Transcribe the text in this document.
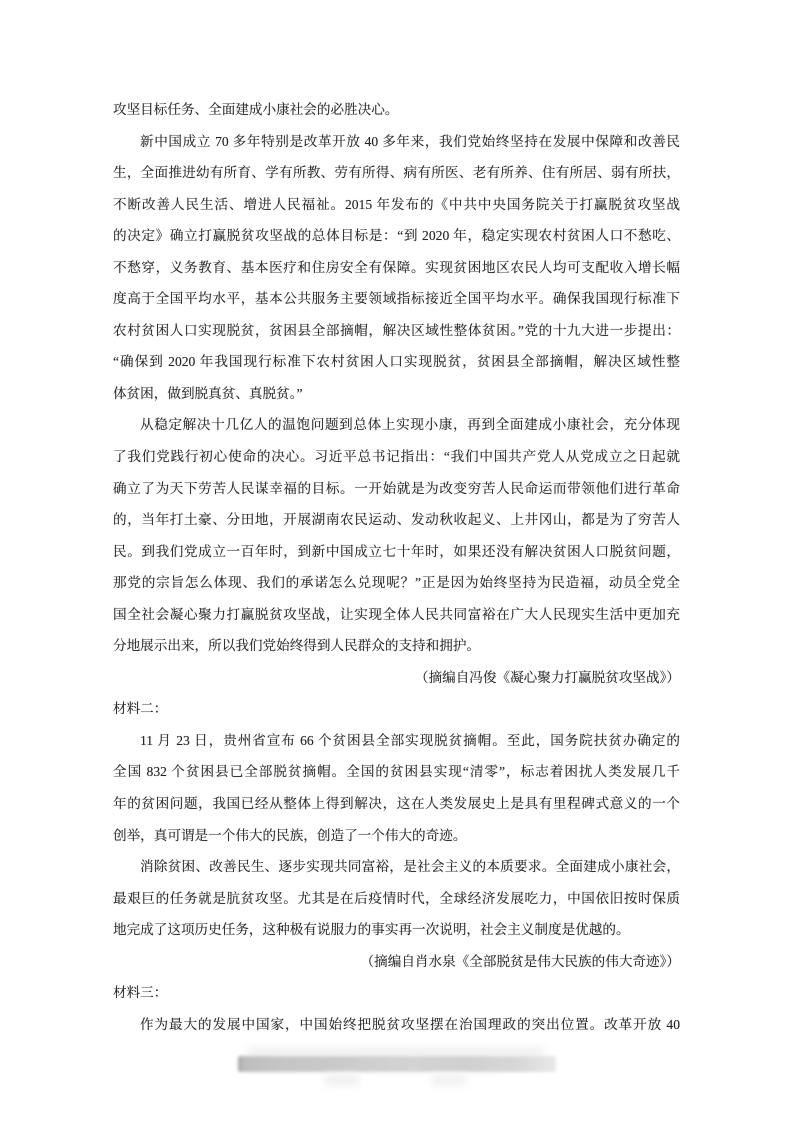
攻坚目标任务、全面建成小康社会的必胜决心。
新中国成立 70 多年特别是改革开放 40 多年来，我们党始终坚持在发展中保障和改善民
生，全面推进幼有所育、学有所教、劳有所得、病有所医、老有所养、住有所居、弱有所扶，
不断改善人民生活、增进人民福祉。2015 年发布的《中共中央国务院关于打赢脱贫攻坚战
的决定》确立打赢脱贫攻坚战的总体目标是：“到 2020 年，稳定实现农村贫困人口不愁吃、
不愁穿，义务教育、基本医疗和住房安全有保障。实现贫困地区农民人均可支配收入增长幅
度高于全国平均水平，基本公共服务主要领域指标接近全国平均水平。确保我国现行标准下
农村贫困人口实现脱贫，贫困县全部摘帽，解决区域性整体贫困。”党的十九大进一步提出：
“确保到 2020 年我国现行标准下农村贫困人口实现脱贫，贫困县全部摘帽，解决区域性整
体贫困，做到脱真贫、真脱贫。”
从稳定解决十几亿人的温饱问题到总体上实现小康，再到全面建成小康社会，充分体现
了我们党践行初心使命的决心。习近平总书记指出：“我们中国共产党人从党成立之日起就
确立了为天下劳苦人民谋幸福的目标。一开始就是为改变穷苦人民命运而带领他们进行革命
的，当年打土豪、分田地，开展湖南农民运动、发动秋收起义、上井冈山，都是为了穷苦人
民。到我们党成立一百年时，到新中国成立七十年时，如果还没有解决贫困人口脱贫问题，
那党的宗旨怎么体现、我们的承诺怎么兑现呢？”正是因为始终坚持为民造福，动员全党全
国全社会凝心聚力打赢脱贫攻坚战，让实现全体人民共同富裕在广大人民现实生活中更加充
分地展示出来，所以我们党始终得到人民群众的支持和拥护。
（摘编自冯俊《凝心聚力打赢脱贫攻坚战》）
材料二：
11 月 23 日，贵州省宣布 66 个贫困县全部实现脱贫摘帽。至此，国务院扶贫办确定的
全国 832 个贫困县已全部脱贫摘帽。全国的贫困县实现“清零”，标志着困扰人类发展几千
年的贫困问题，我国已经从整体上得到解决，这在人类发展史上是具有里程碑式意义的一个
创举，真可谓是一个伟大的民族，创造了一个伟大的奇迹。
消除贫困、改善民生、逐步实现共同富裕，是社会主义的本质要求。全面建成小康社会，
最艰巨的任务就是肮贫攻坚。尤其是在后疫情时代，全球经济发展吃力，中国依旧按时保质
地完成了这项历史任务，这种极有说服力的事实再一次说明，社会主义制度是优越的。
（摘编自肖水泉《全部脱贫是伟大民族的伟大奇迹》）
材料三：
作为最大的发展中国家，中国始终把脱贫攻坚摆在治国理政的突出位置。改革开放 40
